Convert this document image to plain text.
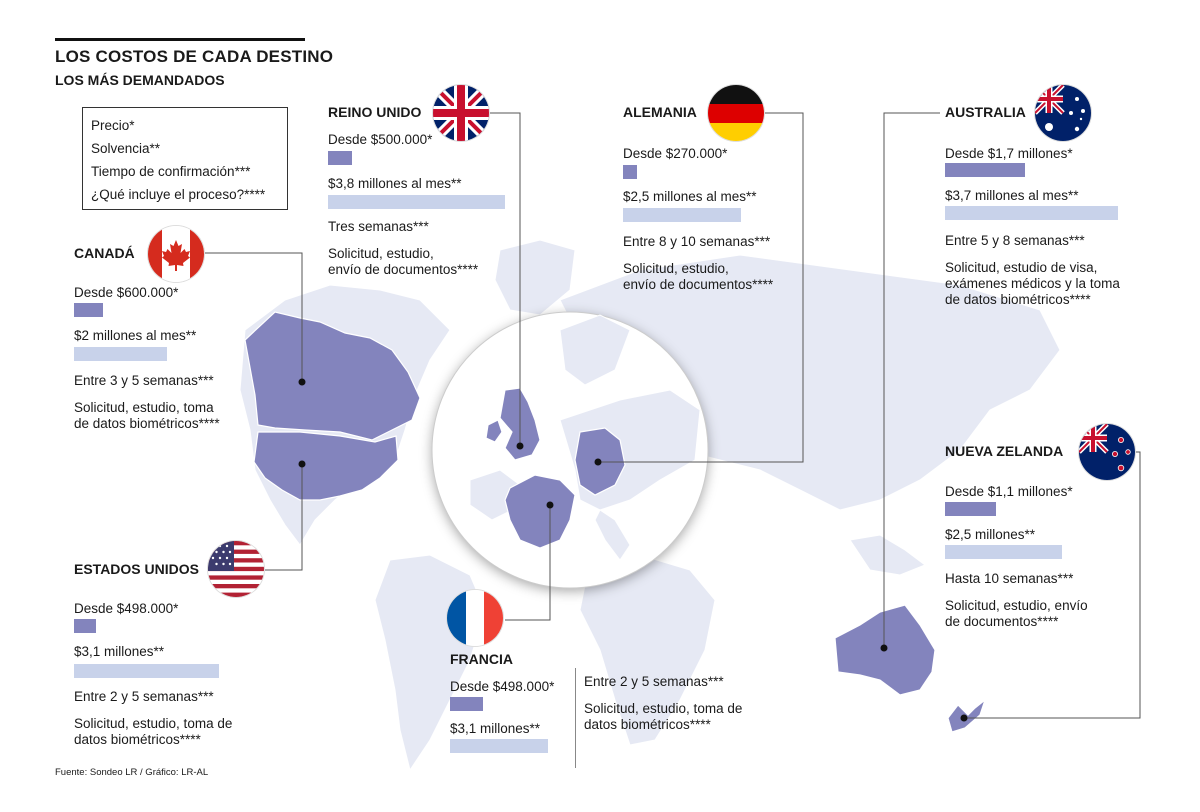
LOS COSTOS DE CADA DESTINO
LOS MÁS DEMANDADOS
Precio*
Solvencia**
Tiempo de confirmación***
¿Qué incluye el proceso?****
CANADÁ
Desde $600.000*
$2 millones al mes**
Entre 3 y 5 semanas***
Solicitud, estudio, toma
de datos biométricos****
ESTADOS UNIDOS
Desde $498.000*
$3,1 millones**
Entre 2 y 5 semanas***
Solicitud, estudio, toma de
datos biométricos****
REINO UNIDO
Desde $500.000*
$3,8 millones al mes**
Tres semanas***
Solicitud, estudio,
envío de documentos****
ALEMANIA
Desde $270.000*
$2,5 millones al mes**
Entre 8 y 10 semanas***
Solicitud, estudio,
envío de documentos****
AUSTRALIA
Desde $1,7 millones*
$3,7 millones al mes**
Entre 5 y 8 semanas***
Solicitud, estudio de visa,
exámenes médicos y la toma
de datos biométricos****
NUEVA ZELANDA
Desde $1,1 millones*
$2,5 millones**
Hasta 10 semanas***
Solicitud, estudio, envío
de documentos****
FRANCIA
Desde $498.000*
$3,1 millones**
Entre 2 y 5 semanas***
Solicitud, estudio, toma de
datos biométricos****
Fuente: Sondeo LR / Gráfico: LR-AL
